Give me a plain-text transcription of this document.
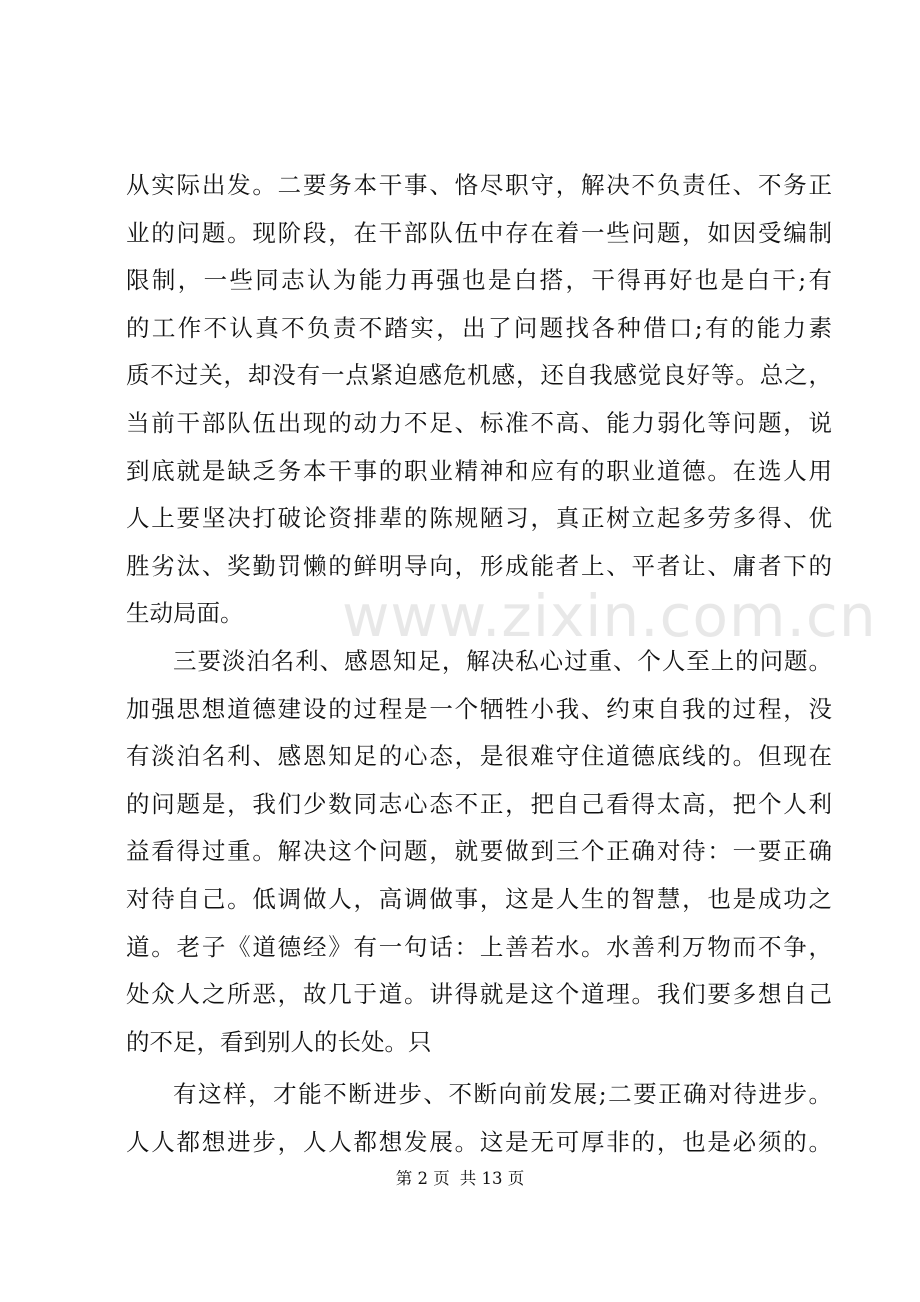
www.zixin.com.cn
从实际出发。二要务本干事、恪尽职守，解决不负责任、不务正
业的问题。现阶段，在干部队伍中存在着一些问题，如因受编制
限制，一些同志认为能力再强也是白搭，干得再好也是白干;有
的工作不认真不负责不踏实，出了问题找各种借口;有的能力素
质不过关，却没有一点紧迫感危机感，还自我感觉良好等。总之，
当前干部队伍出现的动力不足、标准不高、能力弱化等问题，说
到底就是缺乏务本干事的职业精神和应有的职业道德。在选人用
人上要坚决打破论资排辈的陈规陋习，真正树立起多劳多得、优
胜劣汰、奖勤罚懒的鲜明导向，形成能者上、平者让、庸者下的
生动局面。
三要淡泊名利、感恩知足，解决私心过重、个人至上的问题。
加强思想道德建设的过程是一个牺牲小我、约束自我的过程，没
有淡泊名利、感恩知足的心态，是很难守住道德底线的。但现在
的问题是，我们少数同志心态不正，把自己看得太高，把个人利
益看得过重。解决这个问题，就要做到三个正确对待：一要正确
对待自己。低调做人，高调做事，这是人生的智慧，也是成功之
道。老子《道德经》有一句话：上善若水。水善利万物而不争，
处众人之所恶，故几于道。讲得就是这个道理。我们要多想自己
的不足，看到别人的长处。只
有这样，才能不断进步、不断向前发展;二要正确对待进步。
人人都想进步，人人都想发展。这是无可厚非的，也是必须的。
第 2 页 共 13 页
